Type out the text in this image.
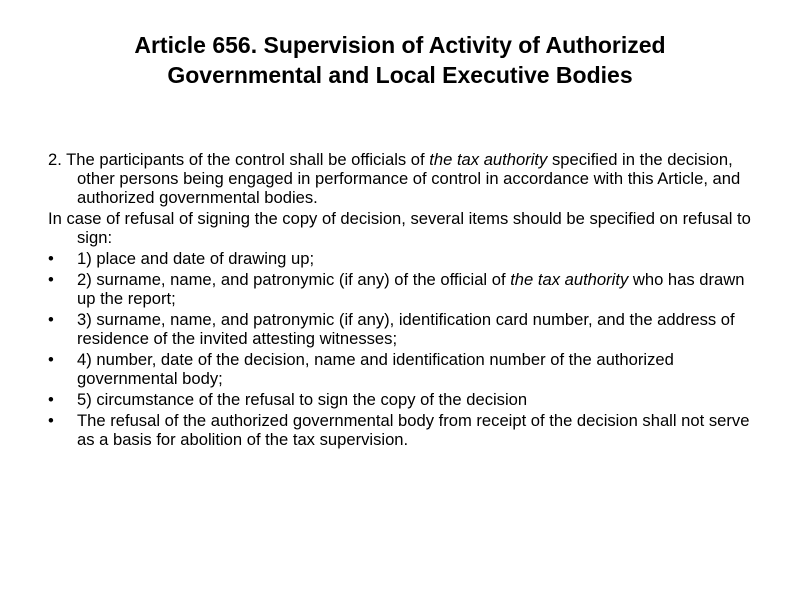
Article 656. Supervision of Activity of Authorized
Governmental and Local Executive Bodies

2. The participants of the control shall be officials of the tax authority specified in the decision, other persons being engaged in performance of control in accordance with this Article, and authorized governmental bodies.

In case of refusal of signing the copy of decision, several items should be specified on refusal to sign:

• 1) place and date of drawing up;
• 2) surname, name, and patronymic (if any) of the official of the tax authority who has drawn up the report;
• 3) surname, name, and patronymic (if any), identification card number, and the address of residence of the invited attesting witnesses;
• 4) number, date of the decision, name and identification number of the authorized governmental body;
• 5) circumstance of the refusal to sign the copy of the decision
• The refusal of the authorized governmental body from receipt of the decision shall not serve as a basis for abolition of the tax supervision.
